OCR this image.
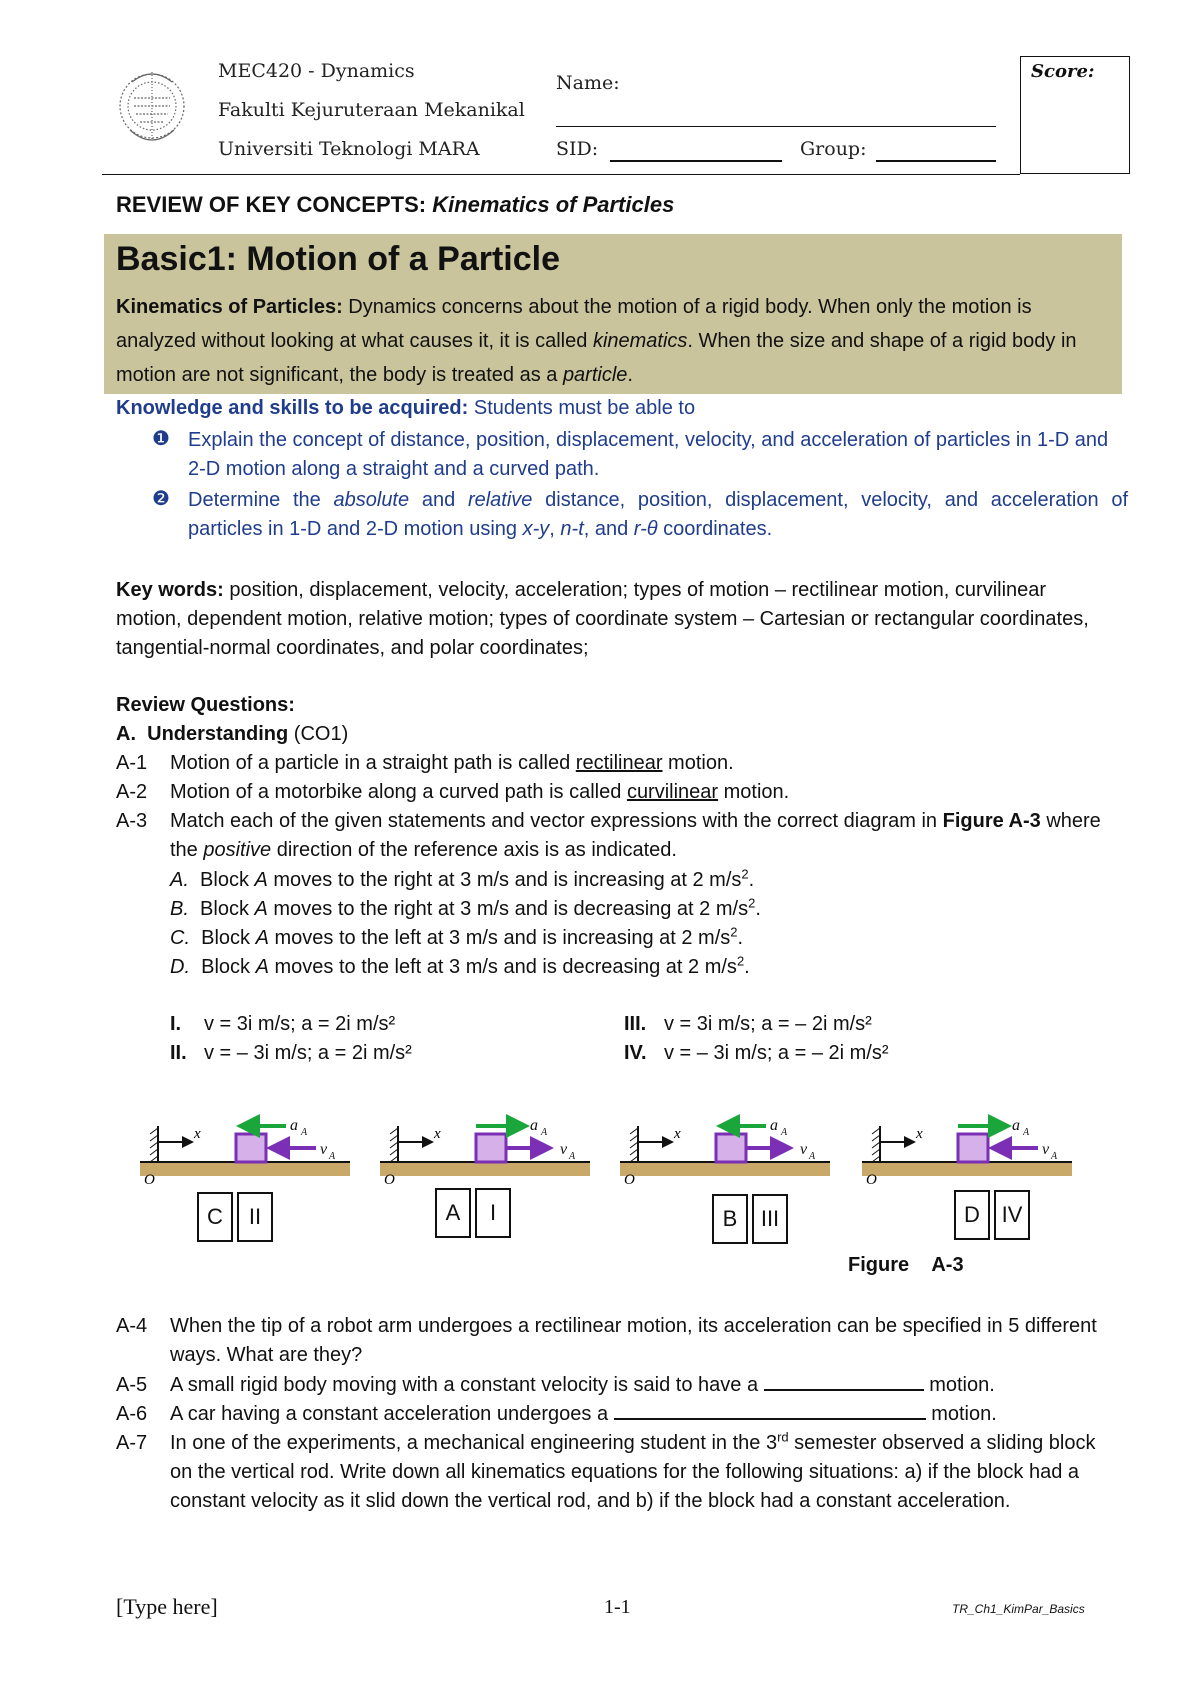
MEC420 - Dynamics
Fakulti Kejuruteraan Mekanikal
Universiti Teknologi MARA
Name:
SID:	Group:
Score:
REVIEW OF KEY CONCEPTS: Kinematics of Particles
Basic1: Motion of a Particle
Kinematics of Particles: Dynamics concerns about the motion of a rigid body. When only the motion is analyzed without looking at what causes it, it is called kinematics. When the size and shape of a rigid body in motion are not significant, the body is treated as a particle.
Knowledge and skills to be acquired: Students must be able to
❶ Explain the concept of distance, position, displacement, velocity, and acceleration of particles in 1-D and 2-D motion along a straight and a curved path.
❷ Determine the absolute and relative distance, position, displacement, velocity, and acceleration of particles in 1-D and 2-D motion using x-y, n-t, and r-θ coordinates.
Key words: position, displacement, velocity, acceleration; types of motion – rectilinear motion, curvilinear motion, dependent motion, relative motion; types of coordinate system – Cartesian or rectangular coordinates, tangential-normal coordinates, and polar coordinates;
Review Questions:
A. Understanding (CO1)
A-1 Motion of a particle in a straight path is called rectilinear motion.
A-2 Motion of a motorbike along a curved path is called curvilinear motion.
A-3 Match each of the given statements and vector expressions with the correct diagram in Figure A-3 where the positive direction of the reference axis is as indicated.
A. Block A moves to the right at 3 m/s and is increasing at 2 $m/s^2$.
B. Block A moves to the right at 3 m/s and is decreasing at 2 $m/s^2$.
C. Block A moves to the left at 3 m/s and is increasing at 2 $m/s^2$.
D. Block A moves to the left at 3 m/s and is decreasing at 2 $m/s^2$.
I. v = 3i m/s; a = 2i m/s²
II. v = – 3i m/s; a = 2i m/s²
III. v = 3i m/s; a = – 2i m/s²
IV. v = – 3i m/s; a = – 2i m/s²
x
O
a A
v A
x
O
a A
v A
x
O
a A
v A
x
O
a A
v A
C	II	A	I	B	III	D IV
Figure A-3
A-4 When the tip of a robot arm undergoes a rectilinear motion, its acceleration can be specified in 5 different ways. What are they?
A-5 A small rigid body moving with a constant velocity is said to have a	motion.
A-6 A car having a constant acceleration undergoes a	motion.
A-7 In one of the experiments, a mechanical engineering student in the 3rd semester observed a sliding block on the vertical rod. Write down all kinematics equations for the following situations: a) if the block had a constant velocity as it slid down the vertical rod, and b) if the block had a constant acceleration.
[Type here]	1-1	TR_Ch1_KimPar_Basics
